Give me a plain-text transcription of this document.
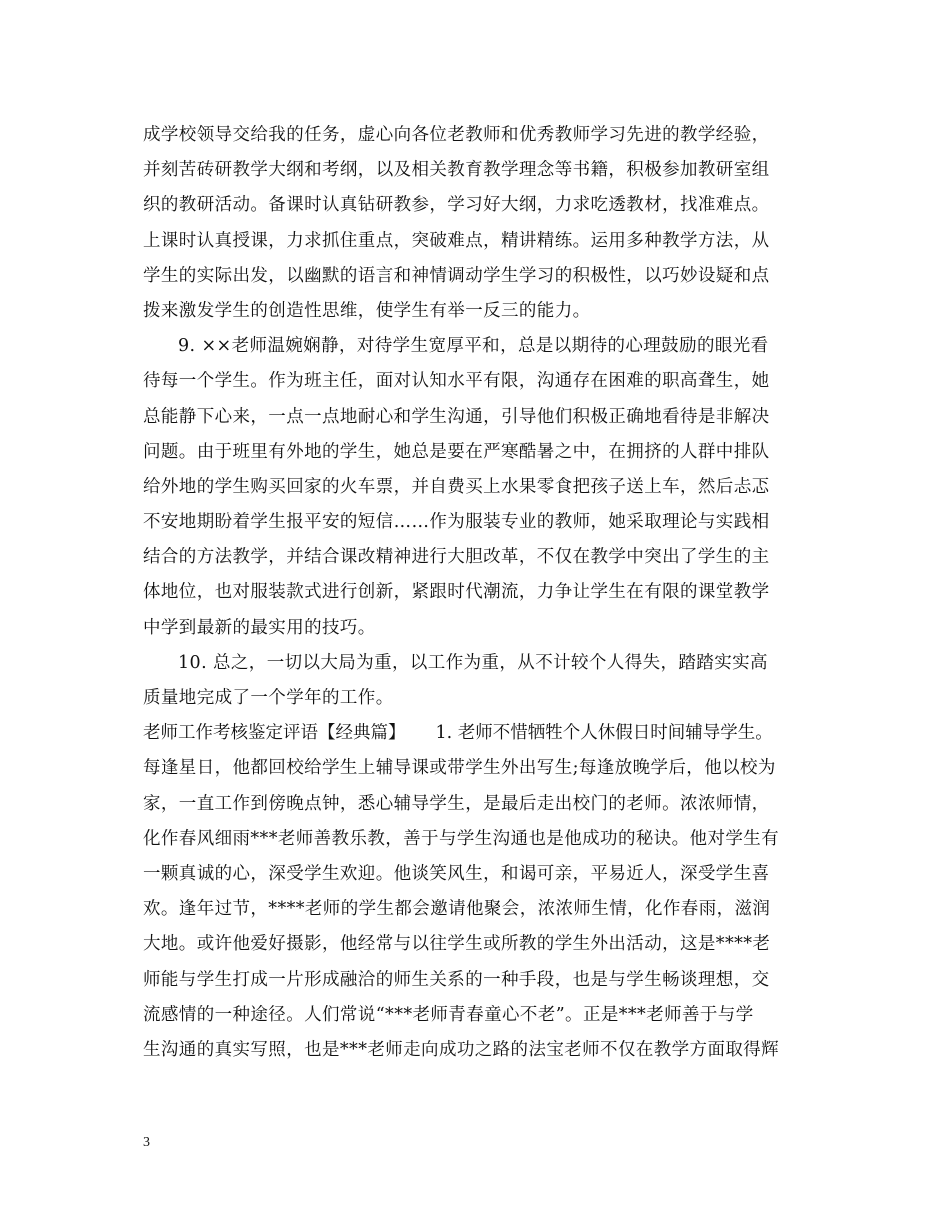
成学校领导交给我的任务，虚心向各位老教师和优秀教师学习先进的教学经验，
并刻苦砖研教学大纲和考纲，以及相关教育教学理念等书籍，积极参加教研室组
织的教研活动。备课时认真钻研教参，学习好大纲，力求吃透教材，找准难点。
上课时认真授课，力求抓住重点，突破难点，精讲精练。运用多种教学方法，从
学生的实际出发，以幽默的语言和神情调动学生学习的积极性，以巧妙设疑和点
拨来激发学生的创造性思维，使学生有举一反三的能力。
9. ××老师温婉娴静，对待学生宽厚平和，总是以期待的心理鼓励的眼光看
待每一个学生。作为班主任，面对认知水平有限，沟通存在困难的职高聋生，她
总能静下心来，一点一点地耐心和学生沟通，引导他们积极正确地看待是非解决
问题。由于班里有外地的学生，她总是要在严寒酷暑之中，在拥挤的人群中排队
给外地的学生购买回家的火车票，并自费买上水果零食把孩子送上车，然后忐忑
不安地期盼着学生报平安的短信……作为服装专业的教师，她采取理论与实践相
结合的方法教学，并结合课改精神进行大胆改革，不仅在教学中突出了学生的主
体地位，也对服装款式进行创新，紧跟时代潮流，力争让学生在有限的课堂教学
中学到最新的最实用的技巧。
10. 总之，一切以大局为重，以工作为重，从不计较个人得失，踏踏实实高
质量地完成了一个学年的工作。
老师工作考核鉴定评语【经典篇】 1. 老师不惜牺牲个人休假日时间辅导学生。
每逢星日，他都回校给学生上辅导课或带学生外出写生;每逢放晚学后，他以校为
家，一直工作到傍晚点钟，悉心辅导学生，是最后走出校门的老师。浓浓师情，
化作春风细雨***老师善教乐教，善于与学生沟通也是他成功的秘诀。他对学生有
一颗真诚的心，深受学生欢迎。他谈笑风生，和谒可亲，平易近人，深受学生喜
欢。逢年过节，****老师的学生都会邀请他聚会，浓浓师生情，化作春雨，滋润
大地。或许他爱好摄影，他经常与以往学生或所教的学生外出活动，这是****老
师能与学生打成一片形成融洽的师生关系的一种手段，也是与学生畅谈理想，交
流感情的一种途径。人们常说“***老师青春童心不老”。正是***老师善于与学
生沟通的真实写照，也是***老师走向成功之路的法宝老师不仅在教学方面取得辉
3
